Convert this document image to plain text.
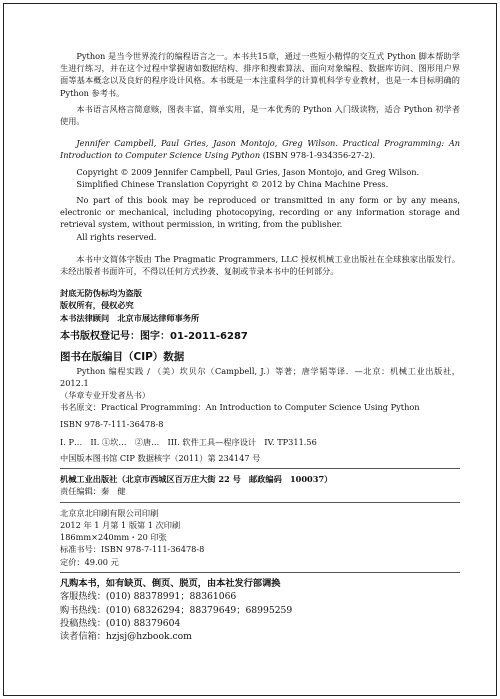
Python 是当今世界流行的编程语言之一。本书共15章，通过一些短小精悍的交互式 Python 脚本帮助学生进行练习，并在这个过程中掌握诸如数据结构、排序和搜索算法、面向对象编程、数据库访问、图形用户界面等基本概念以及良好的程序设计风格。本书既是一本注重科学的计算机科学专业教材，也是一本目标明确的 Python 参考书。

本书语言风格言简意赅，图表丰富，简单实用，是一本优秀的 Python 入门级读物，适合 Python 初学者使用。

Jennifer Campbell, Paul Gries, Jason Montojo, Greg Wilson. Practical Programming: An Introduction to Computer Science Using Python (ISBN 978-1-934356-27-2).

Copyright © 2009 Jennifer Campbell, Paul Gries, Jason Montojo, and Greg Wilson.

Simplified Chinese Translation Copyright © 2012 by China Machine Press.

No part of this book may be reproduced or transmitted in any form or by any means, electronic or mechanical, including photocopying, recording or any information storage and retrieval system, without permission, in writing, from the publisher.

All rights reserved.

本书中文简体字版由 The Pragmatic Programmers, LLC 授权机械工业出版社在全球独家出版发行。未经出版者书面许可，不得以任何方式抄袭、复制或节录本书中的任何部分。

封底无防伪标均为盗版
版权所有，侵权必究
本书法律顾问　北京市展达律师事务所
本书版权登记号：图字：01-2011-6287
图书在版编目（CIP）数据

Python 编程实践 / （美）坎贝尔（Campbell, J.）等著；唐学韬等译．—北京：机械工业出版社，2012.1

（华章专业开发者丛书）
书名原文：Practical Programming：An Introduction to Computer Science Using Python
ISBN 978-7-111-36478-8
I. P…　II. ①坎…　②唐…　III. 软件工具—程序设计　IV. TP311.56
中国版本图书馆 CIP 数据核字（2011）第 234147 号
机械工业出版社（北京市西城区百万庄大街 22 号　邮政编码　100037）
责任编辑：秦　健
北京京北印刷有限公司印刷
2012 年 1 月第 1 版第 1 次印刷
186mm×240mm・20 印张
标准书号：ISBN 978-7-111-36478-8
定价：49.00 元
凡购本书，如有缺页、倒页、脱页，由本社发行部调换
客服热线：(010) 88378991；88361066
购书热线：(010) 68326294；88379649；68995259
投稿热线：(010) 88379604
读者信箱：hzjsj@hzbook.com
